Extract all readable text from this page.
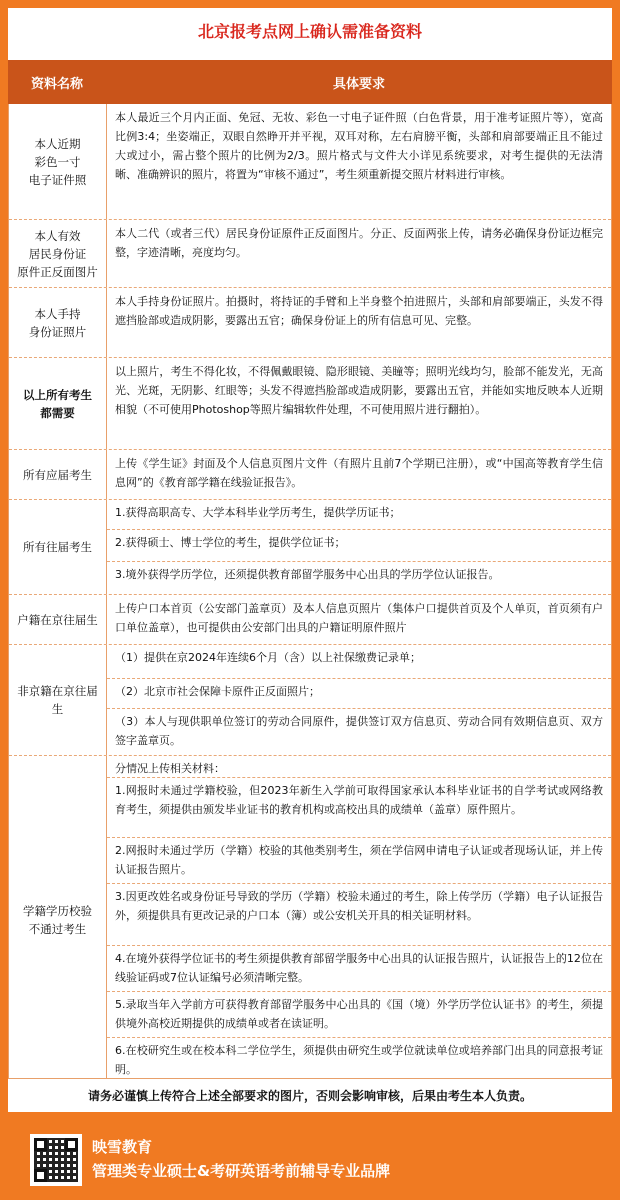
北京报考点网上确认需准备资料
资料名称	具体要求
本人近期
彩色一寸
电子证件照
本人最近三个月内正面、免冠、无妆、彩色一寸电子证件照（白色背景，用于准考证照片等），宽高比例3:4；坐姿端正，双眼自然睁开并平视，双耳对称，左右肩膀平衡，头部和肩部要端正且不能过大或过小，需占整个照片的比例为2/3。照片格式与文件大小详见系统要求，对考生提供的无法清晰、准确辨识的照片，将置为“审核不通过”，考生须重新提交照片材料进行审核。
本人有效
居民身份证
原件正反面图片
本人二代（或者三代）居民身份证原件正反面图片。分正、反面两张上传，请务必确保身份证边框完整，字迹清晰，亮度均匀。
本人手持
身份证照片
本人手持身份证照片。拍摄时，将持证的手臂和上半身整个拍进照片，头部和肩部要端正，头发不得遮挡脸部或造成阴影，要露出五官；确保身份证上的所有信息可见、完整。
以上所有考生
都需要
以上照片，考生不得化妆，不得佩戴眼镜、隐形眼镜、美瞳等；照明光线均匀，脸部不能发光，无高光、光斑，无阴影、红眼等；头发不得遮挡脸部或造成阴影，要露出五官，并能如实地反映本人近期相貌（不可使用Photoshop等照片编辑软件处理，不可使用照片进行翻拍）。
所有应届考生
上传《学生证》封面及个人信息页图片文件（有照片且前7个学期已注册），或“中国高等教育学生信息网”的《教育部学籍在线验证报告》。
所有往届考生
1.获得高职高专、大学本科毕业学历考生，提供学历证书；
2.获得硕士、博士学位的考生，提供学位证书；
3.境外获得学历学位，还须提供教育部留学服务中心出具的学历学位认证报告。
户籍在京往届生
上传户口本首页（公安部门盖章页）及本人信息页照片（集体户口提供首页及个人单页，首页须有户口单位盖章），也可提供由公安部门出具的户籍证明原件照片
非京籍在京往届生
（1）提供在京2024年连续6个月（含）以上社保缴费记录单；
（2）北京市社会保障卡原件正反面照片；
（3）本人与现供职单位签订的劳动合同原件，提供签订双方信息页、劳动合同有效期信息页、双方签字盖章页。
学籍学历校验
不通过考生
分情况上传相关材料：
1.网报时未通过学籍校验，但2023年新生入学前可取得国家承认本科毕业证书的自学考试或网络教育考生，须提供由颁发毕业证书的教育机构或高校出具的成绩单（盖章）原件照片。
2.网报时未通过学历（学籍）校验的其他类别考生，须在学信网申请电子认证或者现场认证，并上传认证报告照片。
3.因更改姓名或身份证号导致的学历（学籍）校验未通过的考生，除上传学历（学籍）电子认证报告外，须提供具有更改记录的户口本（簿）或公安机关开具的相关证明材料。
4.在境外获得学位证书的考生须提供教育部留学服务中心出具的认证报告照片，认证报告上的12位在线验证码或7位认证编号必须清晰完整。
5.录取当年入学前方可获得教育部留学服务中心出具的《国（境）外学历学位认证书》的考生，须提供境外高校近期提供的成绩单或者在读证明。
6.在校研究生或在校本科二学位学生，须提供由研究生或学位就读单位或培养部门出具的同意报考证明。
请务必谨慎上传符合上述全部要求的图片，否则会影响审核，后果由考生本人负责。
映雪教育
管理类专业硕士&考研英语考前辅导专业品牌
